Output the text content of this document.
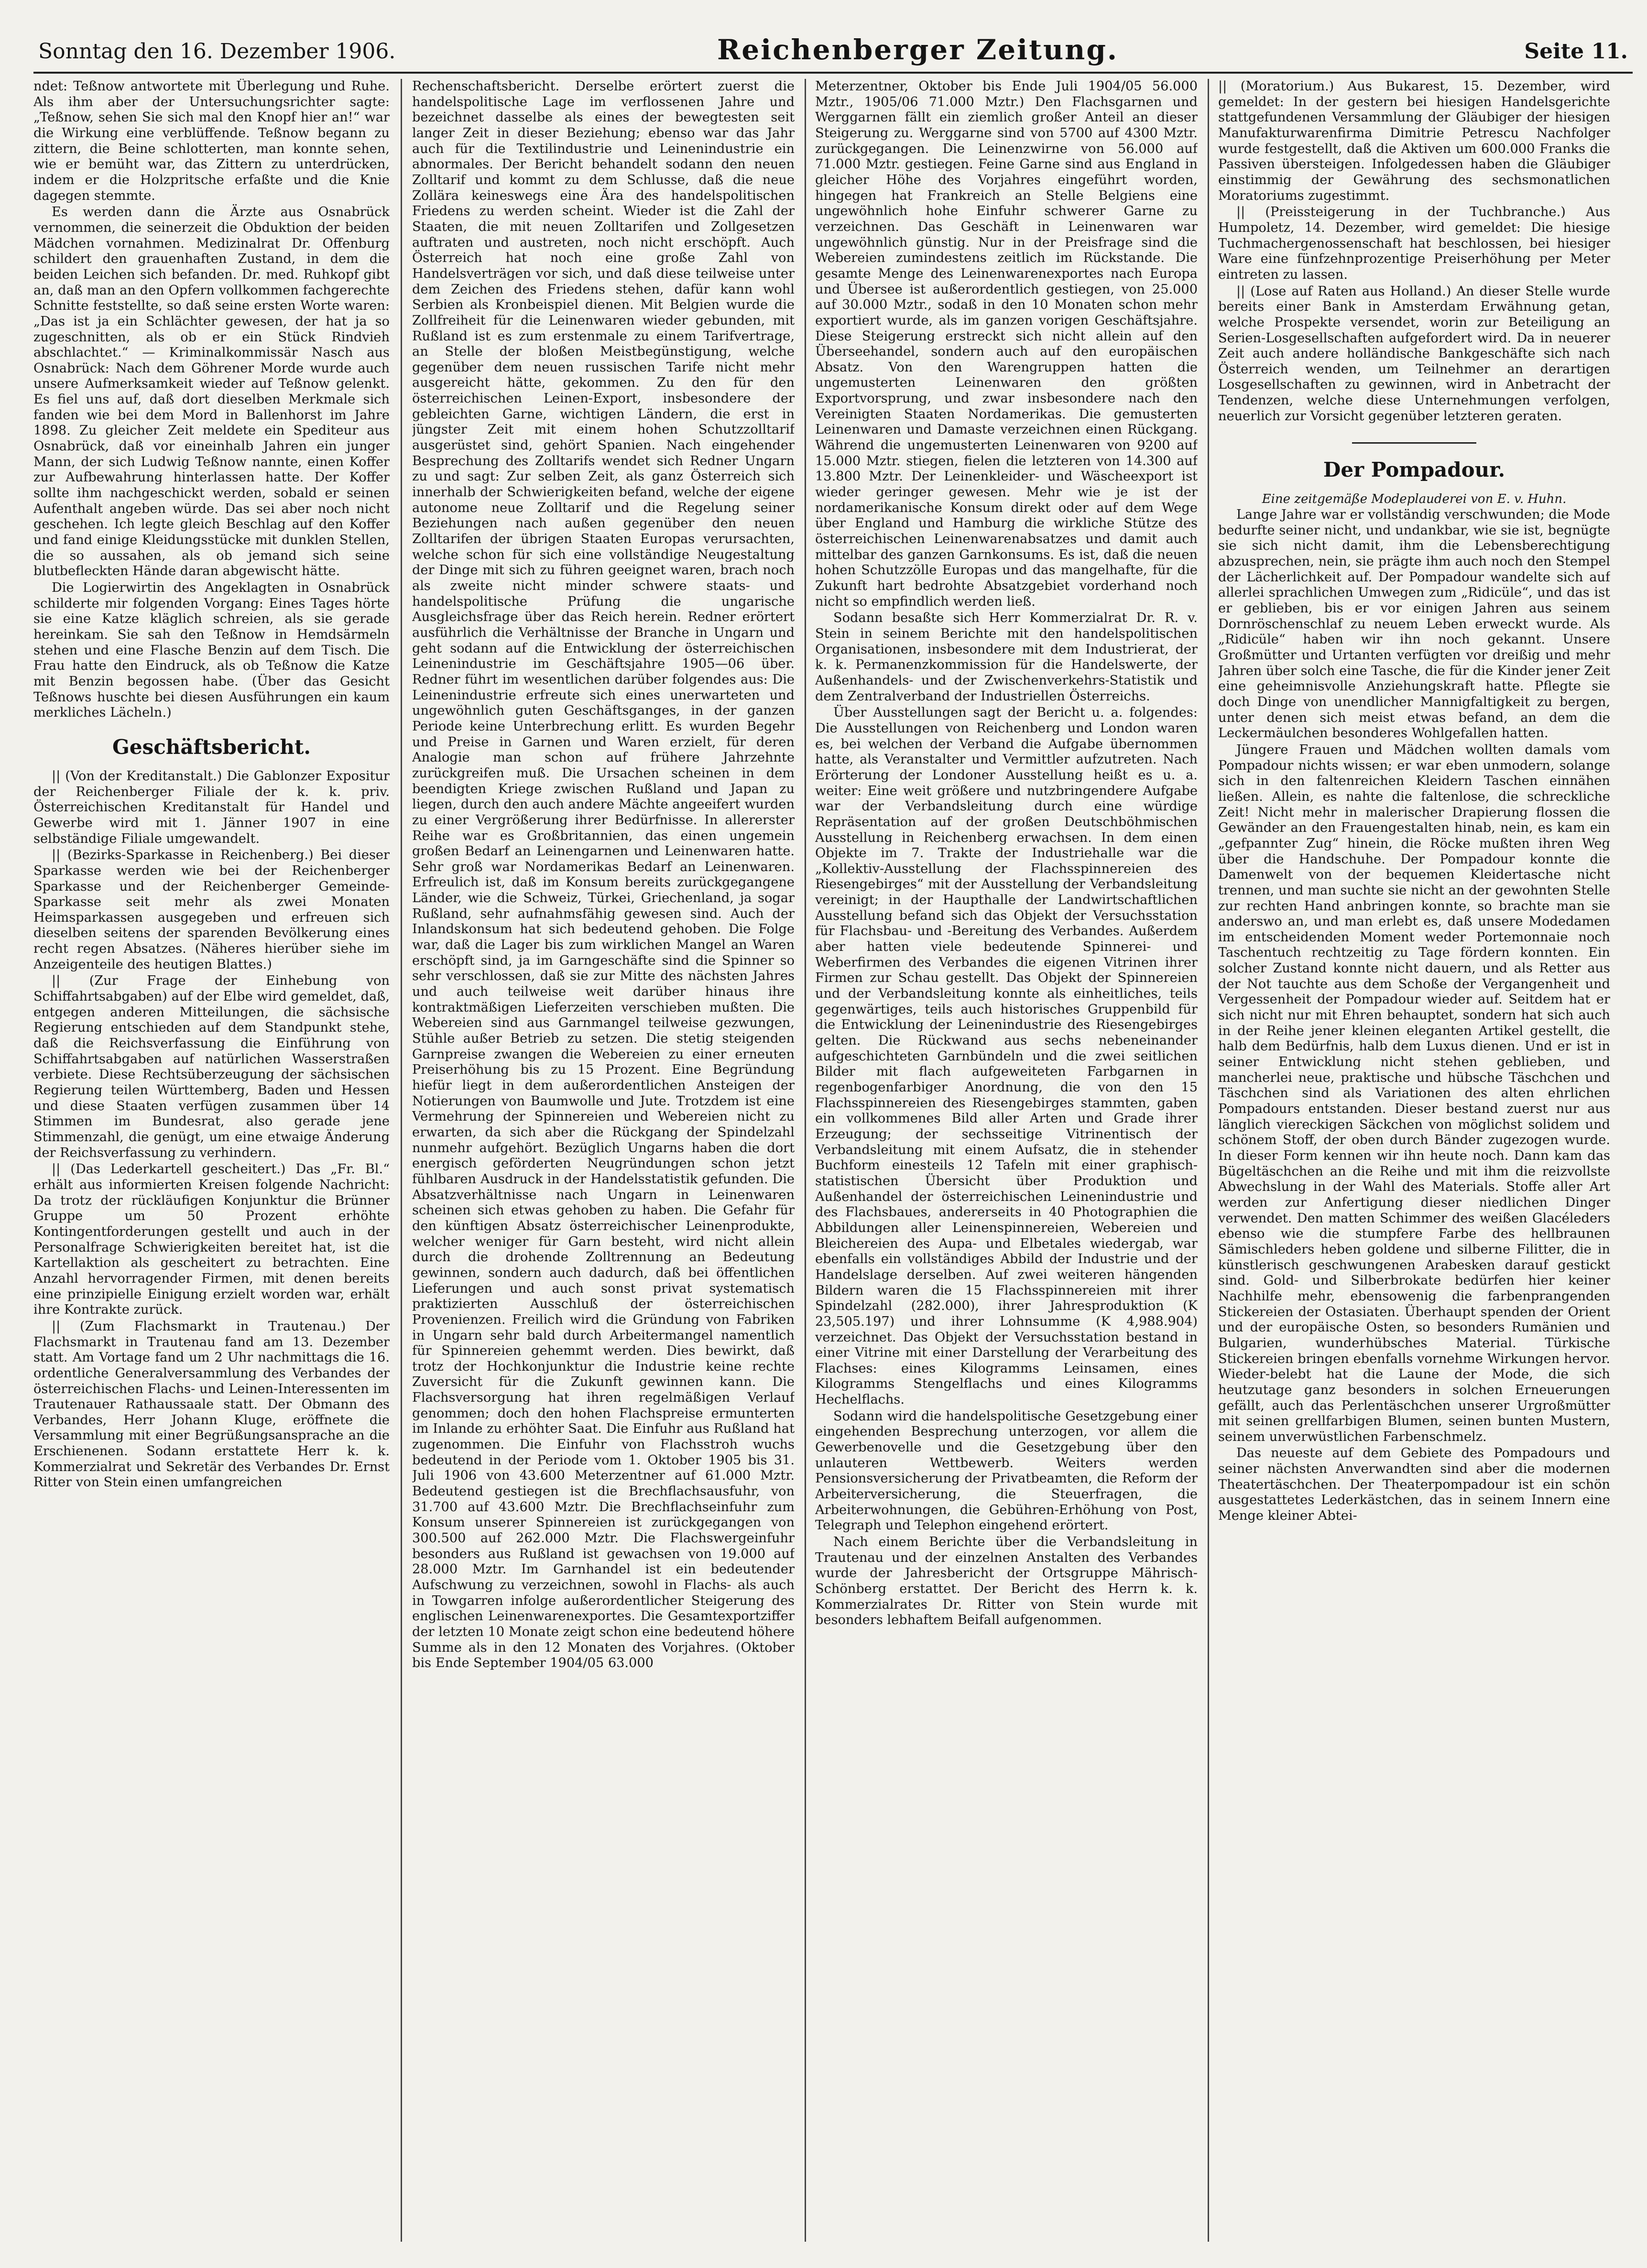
Sonntag den 16. Dezember 1906.	Reichenberger Zeitung.	Seite 11.

ndet: Teßnow antwortete mit Überlegung und Ruhe. Als ihm aber der Untersuchungsrichter sagte: „Teßnow, sehen Sie sich mal den Knopf hier an!“ war die Wirkung eine verblüffende. Teßnow begann zu zittern, die Beine schlotterten, man konnte sehen, wie er bemüht war, das Zittern zu unterdrücken, indem er die Holzpritsche erfaßte und die Knie dagegen stemmte.

Es werden dann die Ärzte aus Osnabrück vernommen, die seinerzeit die Obduktion der beiden Mädchen vornahmen. Medizinalrat Dr. Offenburg schildert den grauenhaften Zustand, in dem die beiden Leichen sich befanden. Dr. med. Ruhkopf gibt an, daß man an den Opfern vollkommen fachgerechte Schnitte feststellte, so daß seine ersten Worte waren: „Das ist ja ein Schlächter gewesen, der hat ja so zugeschnitten, als ob er ein Stück Rindvieh abschlachtet.“ — Kriminalkommissär Nasch aus Osnabrück: Nach dem Göhrener Morde wurde auch unsere Aufmerksamkeit wieder auf Teßnow gelenkt. Es fiel uns auf, daß dort dieselben Merkmale sich fanden wie bei dem Mord in Ballenhorst im Jahre 1898. Zu gleicher Zeit meldete ein Spediteur aus Osnabrück, daß vor eineinhalb Jahren ein junger Mann, der sich Ludwig Teßnow nannte, einen Koffer zur Aufbewahrung hinterlassen hatte. Der Koffer sollte ihm nachgeschickt werden, sobald er seinen Aufenthalt angeben würde. Das sei aber noch nicht geschehen. Ich legte gleich Beschlag auf den Koffer und fand einige Kleidungsstücke mit dunklen Stellen, die so aussahen, als ob jemand sich seine blutbefleckten Hände daran abgewischt hätte.

Die Logierwirtin des Angeklagten in Osnabrück schilderte mir folgenden Vorgang: Eines Tages hörte sie eine Katze kläglich schreien, als sie gerade hereinkam. Sie sah den Teßnow in Hemdsärmeln stehen und eine Flasche Benzin auf dem Tisch. Die Frau hatte den Eindruck, als ob Teßnow die Katze mit Benzin begossen habe. (Über das Gesicht Teßnows huschte bei diesen Ausführungen ein kaum merkliches Lächeln.)

Geschäftsbericht.

|| (Von der Kreditanstalt.) Die Gablonzer Expositur der Reichenberger Filiale der k. k. priv. Österreichischen Kreditanstalt für Handel und Gewerbe wird mit 1. Jänner 1907 in eine selbständige Filiale umgewandelt.

|| (Bezirks-Sparkasse in Reichenberg.) Bei dieser Sparkasse werden wie bei der Reichenberger Sparkasse und der Reichenberger Gemeinde-Sparkasse seit mehr als zwei Monaten Heimsparkassen ausgegeben und erfreuen sich dieselben seitens der sparenden Bevölkerung eines recht regen Absatzes. (Näheres hierüber siehe im Anzeigenteile des heutigen Blattes.)

|| (Zur Frage der Einhebung von Schiffahrtsabgaben) auf der Elbe wird gemeldet, daß, entgegen anderen Mitteilungen, die sächsische Regierung entschieden auf dem Standpunkt stehe, daß die Reichsverfassung die Einführung von Schiffahrtsabgaben auf natürlichen Wasserstraßen verbiete. Diese Rechtsüberzeugung der sächsischen Regierung teilen Württemberg, Baden und Hessen und diese Staaten verfügen zusammen über 14 Stimmen im Bundesrat, also gerade jene Stimmenzahl, die genügt, um eine etwaige Änderung der Reichsverfassung zu verhindern.

|| (Das Lederkartell gescheitert.) Das „Fr. Bl.“ erhält aus informierten Kreisen folgende Nachricht: Da trotz der rückläufigen Konjunktur die Brünner Gruppe um 50 Prozent erhöhte Kontingentforderungen gestellt und auch in der Personalfrage Schwierigkeiten bereitet hat, ist die Kartellaktion als gescheitert zu betrachten. Eine Anzahl hervorragender Firmen, mit denen bereits eine prinzipielle Einigung erzielt worden war, erhält ihre Kontrakte zurück.

|| (Zum Flachsmarkt in Trautenau.) Der Flachsmarkt in Trautenau fand am 13. Dezember statt. Am Vortage fand um 2 Uhr nachmittags die 16. ordentliche Generalversammlung des Verbandes der österreichischen Flachs- und Leinen-Interessenten im Trautenauer Rathaussaale statt. Der Obmann des Verbandes, Herr Johann Kluge, eröffnete die Versammlung mit einer Begrüßungsansprache an die Erschienenen. Sodann erstattete Herr k. k. Kommerzialrat und Sekretär des Verbandes Dr. Ernst Ritter von Stein einen umfangreichen

Rechenschaftsbericht. Derselbe erörtert zuerst die handelspolitische Lage im verflossenen Jahre und bezeichnet dasselbe als eines der bewegtesten seit langer Zeit in dieser Beziehung; ebenso war das Jahr auch für die Textilindustrie und Leinenindustrie ein abnormales. Der Bericht behandelt sodann den neuen Zolltarif und kommt zu dem Schlusse, daß die neue Zollära keineswegs eine Ära des handelspolitischen Friedens zu werden scheint. Wieder ist die Zahl der Staaten, die mit neuen Zolltarifen und Zollgesetzen auftraten und austreten, noch nicht erschöpft. Auch Österreich hat noch eine große Zahl von Handelsverträgen vor sich, und daß diese teilweise unter dem Zeichen des Friedens stehen, dafür kann wohl Serbien als Kronbeispiel dienen. Mit Belgien wurde die Zollfreiheit für die Leinenwaren wieder gebunden, mit Rußland ist es zum erstenmale zu einem Tarifvertrage, an Stelle der bloßen Meistbegünstigung, welche gegenüber dem neuen russischen Tarife nicht mehr ausgereicht hätte, gekommen. Zu den für den österreichischen Leinen-Export, insbesondere der gebleichten Garne, wichtigen Ländern, die erst in jüngster Zeit mit einem hohen Schutzzolltarif ausgerüstet sind, gehört Spanien. Nach eingehender Besprechung des Zolltarifs wendet sich Redner Ungarn zu und sagt: Zur selben Zeit, als ganz Österreich sich innerhalb der Schwierigkeiten befand, welche der eigene autonome neue Zolltarif und die Regelung seiner Beziehungen nach außen gegenüber den neuen Zolltarifen der übrigen Staaten Europas verursachten, welche schon für sich eine vollständige Neugestaltung der Dinge mit sich zu führen geeignet waren, brach noch als zweite nicht minder schwere staats- und handelspolitische Prüfung die ungarische Ausgleichsfrage über das Reich herein. Redner erörtert ausführlich die Verhältnisse der Branche in Ungarn und geht sodann auf die Entwicklung der österreichischen Leinenindustrie im Geschäftsjahre 1905—06 über. Redner führt im wesentlichen darüber folgendes aus: Die Leinenindustrie erfreute sich eines unerwarteten und ungewöhnlich guten Geschäftsganges, in der ganzen Periode keine Unterbrechung erlitt. Es wurden Begehr und Preise in Garnen und Waren erzielt, für deren Analogie man schon auf frühere Jahrzehnte zurückgreifen muß. Die Ursachen scheinen in dem beendigten Kriege zwischen Rußland und Japan zu liegen, durch den auch andere Mächte angeeifert wurden zu einer Vergrößerung ihrer Bedürfnisse. In allererster Reihe war es Großbritannien, das einen ungemein großen Bedarf an Leinengarnen und Leinenwaren hatte. Sehr groß war Nordamerikas Bedarf an Leinenwaren. Erfreulich ist, daß im Konsum bereits zurückgegangene Länder, wie die Schweiz, Türkei, Griechenland, ja sogar Rußland, sehr aufnahmsfähig gewesen sind. Auch der Inlandskonsum hat sich bedeutend gehoben. Die Folge war, daß die Lager bis zum wirklichen Mangel an Waren erschöpft sind, ja im Garngeschäfte sind die Spinner so sehr verschlossen, daß sie zur Mitte des nächsten Jahres und auch teilweise weit darüber hinaus ihre kontraktmäßigen Lieferzeiten verschieben mußten. Die Webereien sind aus Garnmangel teilweise gezwungen, Stühle außer Betrieb zu setzen. Die stetig steigenden Garnpreise zwangen die Webereien zu einer erneuten Preiserhöhung bis zu 15 Prozent. Eine Begründung hiefür liegt in dem außerordentlichen Ansteigen der Notierungen von Baumwolle und Jute. Trotzdem ist eine Vermehrung der Spinnereien und Webereien nicht zu erwarten, da sich aber die Rückgang der Spindelzahl nunmehr aufgehört. Bezüglich Ungarns haben die dort energisch geförderten Neugründungen schon jetzt fühlbaren Ausdruck in der Handelsstatistik gefunden. Die Absatzverhältnisse nach Ungarn in Leinenwaren scheinen sich etwas gehoben zu haben. Die Gefahr für den künftigen Absatz österreichischer Leinenprodukte, welcher weniger für Garn besteht, wird nicht allein durch die drohende Zolltrennung an Bedeutung gewinnen, sondern auch dadurch, daß bei öffentlichen Lieferungen und auch sonst privat systematisch praktizierten Ausschluß der österreichischen Provenienzen. Freilich wird die Gründung von Fabriken in Ungarn sehr bald durch Arbeitermangel namentlich für Spinnereien gehemmt werden. Dies bewirkt, daß trotz der Hochkonjunktur die Industrie keine rechte Zuversicht für die Zukunft gewinnen kann. Die Flachsversorgung hat ihren regelmäßigen Verlauf genommen; doch den hohen Flachspreise ermunterten im Inlande zu erhöhter Saat. Die Einfuhr aus Rußland hat zugenommen. Die Einfuhr von Flachsstroh wuchs bedeutend in der Periode vom 1. Oktober 1905 bis 31. Juli 1906 von 43.600 Meterzentner auf 61.000 Mztr. Bedeutend gestiegen ist die Brechflachsausfuhr, von 31.700 auf 43.600 Mztr. Die Brechflachseinfuhr zum Konsum unserer Spinnereien ist zurückgegangen von 300.500 auf 262.000 Mztr. Die Flachswergeinfuhr besonders aus Rußland ist gewachsen von 19.000 auf 28.000 Mztr. Im Garnhandel ist ein bedeutender Aufschwung zu verzeichnen, sowohl in Flachs- als auch in Towgarren infolge außerordentlicher Steigerung des englischen Leinenwarenexportes. Die Gesamtexportziffer der letzten 10 Monate zeigt schon eine bedeutend höhere Summe als in den 12 Monaten des Vorjahres. (Oktober bis Ende September 1904/05 63.000

Meterzentner, Oktober bis Ende Juli 1904/05 56.000 Mztr., 1905/06 71.000 Mztr.) Den Flachsgarnen und Werggarnen fällt ein ziemlich großer Anteil an dieser Steigerung zu. Werggarne sind von 5700 auf 4300 Mztr. zurückgegangen. Die Leinenzwirne von 56.000 auf 71.000 Mztr. gestiegen. Feine Garne sind aus England in gleicher Höhe des Vorjahres eingeführt worden, hingegen hat Frankreich an Stelle Belgiens eine ungewöhnlich hohe Einfuhr schwerer Garne zu verzeichnen. Das Geschäft in Leinenwaren war ungewöhnlich günstig. Nur in der Preisfrage sind die Webereien zumindestens zeitlich im Rückstande. Die gesamte Menge des Leinenwarenexportes nach Europa und Übersee ist außerordentlich gestiegen, von 25.000 auf 30.000 Mztr., sodaß in den 10 Monaten schon mehr exportiert wurde, als im ganzen vorigen Geschäftsjahre. Diese Steigerung erstreckt sich nicht allein auf den Überseehandel, sondern auch auf den europäischen Absatz. Von den Warengruppen hatten die ungemusterten Leinenwaren den größten Exportvorsprung, und zwar insbesondere nach den Vereinigten Staaten Nordamerikas. Die gemusterten Leinenwaren und Damaste verzeichnen einen Rückgang. Während die ungemusterten Leinenwaren von 9200 auf 15.000 Mztr. stiegen, fielen die letzteren von 14.300 auf 13.800 Mztr. Der Leinenkleider- und Wäscheexport ist wieder geringer gewesen. Mehr wie je ist der nordamerikanische Konsum direkt oder auf dem Wege über England und Hamburg die wirkliche Stütze des österreichischen Leinenwarenabsatzes und damit auch mittelbar des ganzen Garnkonsums. Es ist, daß die neuen hohen Schutzzölle Europas und das mangelhafte, für die Zukunft hart bedrohte Absatzgebiet vorderhand noch nicht so empfindlich werden ließ.

Sodann besaßte sich Herr Kommerzialrat Dr. R. v. Stein in seinem Berichte mit den handelspolitischen Organisationen, insbesondere mit dem Industrierat, der k. k. Permanenzkommission für die Handelswerte, der Außenhandels- und der Zwischenverkehrs-Statistik und dem Zentralverband der Industriellen Österreichs.

Über Ausstellungen sagt der Bericht u. a. folgendes: Die Ausstellungen von Reichenberg und London waren es, bei welchen der Verband die Aufgabe übernommen hatte, als Veranstalter und Vermittler aufzutreten. Nach Erörterung der Londoner Ausstellung heißt es u. a. weiter: Eine weit größere und nutzbringendere Aufgabe war der Verbandsleitung durch eine würdige Repräsentation auf der großen Deutschböhmischen Ausstellung in Reichenberg erwachsen. In dem einen Objekte im 7. Trakte der Industriehalle war die „Kollektiv-Ausstellung der Flachsspinnereien des Riesengebirges“ mit der Ausstellung der Verbandsleitung vereinigt; in der Haupthalle der Landwirtschaftlichen Ausstellung befand sich das Objekt der Versuchsstation für Flachsbau- und -Bereitung des Verbandes. Außerdem aber hatten viele bedeutende Spinnerei- und Weberfirmen des Verbandes die eigenen Vitrinen ihrer Firmen zur Schau gestellt. Das Objekt der Spinnereien und der Verbandsleitung konnte als einheitliches, teils gegenwärtiges, teils auch historisches Gruppenbild für die Entwicklung der Leinenindustrie des Riesengebirges gelten. Die Rückwand aus sechs nebeneinander aufgeschichteten Garnbündeln und die zwei seitlichen Bilder mit flach aufgeweiteten Farbgarnen in regenbogenfarbiger Anordnung, die von den 15 Flachsspinnereien des Riesengebirges stammten, gaben ein vollkommenes Bild aller Arten und Grade ihrer Erzeugung; der sechsseitige Vitrinentisch der Verbandsleitung mit einem Aufsatz, die in stehender Buchform einesteils 12 Tafeln mit einer graphisch-statistischen Übersicht über Produktion und Außenhandel der österreichischen Leinenindustrie und des Flachsbaues, andererseits in 40 Photographien die Abbildungen aller Leinenspinnereien, Webereien und Bleichereien des Aupa- und Elbetales wiedergab, war ebenfalls ein vollständiges Abbild der Industrie und der Handelslage derselben. Auf zwei weiteren hängenden Bildern waren die 15 Flachsspinnereien mit ihrer Spindelzahl (282.000), ihrer Jahresproduktion (K 23,505.197) und ihrer Lohnsumme (K 4,988.904) verzeichnet. Das Objekt der Versuchsstation bestand in einer Vitrine mit einer Darstellung der Verarbeitung des Flachses: eines Kilogramms Leinsamen, eines Kilogramms Stengelflachs und eines Kilogramms Hechelflachs.

Sodann wird die handelspolitische Gesetzgebung einer eingehenden Besprechung unterzogen, vor allem die Gewerbenovelle und die Gesetzgebung über den unlauteren Wettbewerb. Weiters werden Pensionsversicherung der Privatbeamten, die Reform der Arbeiterversicherung, die Steuerfragen, die Arbeiterwohnungen, die Gebühren-Erhöhung von Post, Telegraph und Telephon eingehend erörtert.

Nach einem Berichte über die Verbandsleitung in Trautenau und der einzelnen Anstalten des Verbandes wurde der Jahresbericht der Ortsgruppe Mährisch-Schönberg erstattet. Der Bericht des Herrn k. k. Kommerzialrates Dr. Ritter von Stein wurde mit besonders lebhaftem Beifall aufgenommen.

|| (Moratorium.) Aus Bukarest, 15. Dezember, wird gemeldet: In der gestern bei hiesigen Handelsgerichte stattgefundenen Versammlung der Gläubiger der hiesigen Manufakturwarenfirma Dimitrie Petrescu Nachfolger wurde festgestellt, daß die Aktiven um 600.000 Franks die Passiven übersteigen. Infolgedessen haben die Gläubiger einstimmig der Gewährung des sechsmonatlichen Moratoriums zugestimmt.

|| (Preissteigerung in der Tuchbranche.) Aus Humpoletz, 14. Dezember, wird gemeldet: Die hiesige Tuchmachergenossenschaft hat beschlossen, bei hiesiger Ware eine fünfzehnprozentige Preiserhöhung per Meter eintreten zu lassen.

|| (Lose auf Raten aus Holland.) An dieser Stelle wurde bereits einer Bank in Amsterdam Erwähnung getan, welche Prospekte versendet, worin zur Beteiligung an Serien-Losgesellschaften aufgefordert wird. Da in neuerer Zeit auch andere holländische Bankgeschäfte sich nach Österreich wenden, um Teilnehmer an derartigen Losgesellschaften zu gewinnen, wird in Anbetracht der Tendenzen, welche diese Unternehmungen verfolgen, neuerlich zur Vorsicht gegenüber letzteren geraten.

Der Pompadour.
Eine zeitgemäße Modeplauderei von E. v. Huhn.

Lange Jahre war er vollständig verschwunden; die Mode bedurfte seiner nicht, und undankbar, wie sie ist, begnügte sie sich nicht damit, ihm die Lebensberechtigung abzusprechen, nein, sie prägte ihm auch noch den Stempel der Lächerlichkeit auf. Der Pompadour wandelte sich auf allerlei sprachlichen Umwegen zum „Ridicüle“, und das ist er geblieben, bis er vor einigen Jahren aus seinem Dornröschenschlaf zu neuem Leben erweckt wurde. Als „Ridicüle“ haben wir ihn noch gekannt. Unsere Großmütter und Urtanten verfügten vor dreißig und mehr Jahren über solch eine Tasche, die für die Kinder jener Zeit eine geheimnisvolle Anziehungskraft hatte. Pflegte sie doch Dinge von unendlicher Mannigfaltigkeit zu bergen, unter denen sich meist etwas befand, an dem die Leckermäulchen besonderes Wohlgefallen hatten.

Jüngere Frauen und Mädchen wollten damals vom Pompadour nichts wissen; er war eben unmodern, solange sich in den faltenreichen Kleidern Taschen einnähen ließen. Allein, es nahte die faltenlose, die schreckliche Zeit! Nicht mehr in malerischer Drapierung flossen die Gewänder an den Frauengestalten hinab, nein, es kam ein „gefpannter Zug“ hinein, die Röcke mußten ihren Weg über die Handschuhe. Der Pompadour konnte die Damenwelt von der bequemen Kleidertasche nicht trennen, und man suchte sie nicht an der gewohnten Stelle zur rechten Hand anbringen konnte, so brachte man sie anderswo an, und man erlebt es, daß unsere Modedamen im entscheidenden Moment weder Portemonnaie noch Taschentuch rechtzeitig zu Tage fördern konnten. Ein solcher Zustand konnte nicht dauern, und als Retter aus der Not tauchte aus dem Schoße der Vergangenheit und Vergessenheit der Pompadour wieder auf. Seitdem hat er sich nicht nur mit Ehren behauptet, sondern hat sich auch in der Reihe jener kleinen eleganten Artikel gestellt, die halb dem Bedürfnis, halb dem Luxus dienen. Und er ist in seiner Entwicklung nicht stehen geblieben, und mancherlei neue, praktische und hübsche Täschchen und Täschchen sind als Variationen des alten ehrlichen Pompadours entstanden. Dieser bestand zuerst nur aus länglich viereckigen Säckchen von möglichst solidem und schönem Stoff, der oben durch Bänder zugezogen wurde. In dieser Form kennen wir ihn heute noch. Dann kam das Bügeltäschchen an die Reihe und mit ihm die reizvollste Abwechslung in der Wahl des Materials. Stoffe aller Art werden zur Anfertigung dieser niedlichen Dinger verwendet. Den matten Schimmer des weißen Glacéleders ebenso wie die stumpfere Farbe des hellbraunen Sämischleders heben goldene und silberne Filitter, die in künstlerisch geschwungenen Arabesken darauf gestickt sind. Gold- und Silberbrokate bedürfen hier keiner Nachhilfe mehr, ebensowenig die farbenprangenden Stickereien der Ostasiaten. Überhaupt spenden der Orient und der europäische Osten, so besonders Rumänien und Bulgarien, wunderhübsches Material. Türkische Stickereien bringen ebenfalls vornehme Wirkungen hervor. Wieder-belebt hat die Laune der Mode, die sich heutzutage ganz besonders in solchen Erneuerungen gefällt, auch das Perlentäschchen unserer Urgroßmütter mit seinen grellfarbigen Blumen, seinen bunten Mustern, seinem unverwüstlichen Farbenschmelz.

Das neueste auf dem Gebiete des Pompadours und seiner nächsten Anverwandten sind aber die modernen Theatertäschchen. Der Theaterpompadour ist ein schön ausgestattetes Lederkästchen, das in seinem Innern eine Menge kleiner Abtei-
